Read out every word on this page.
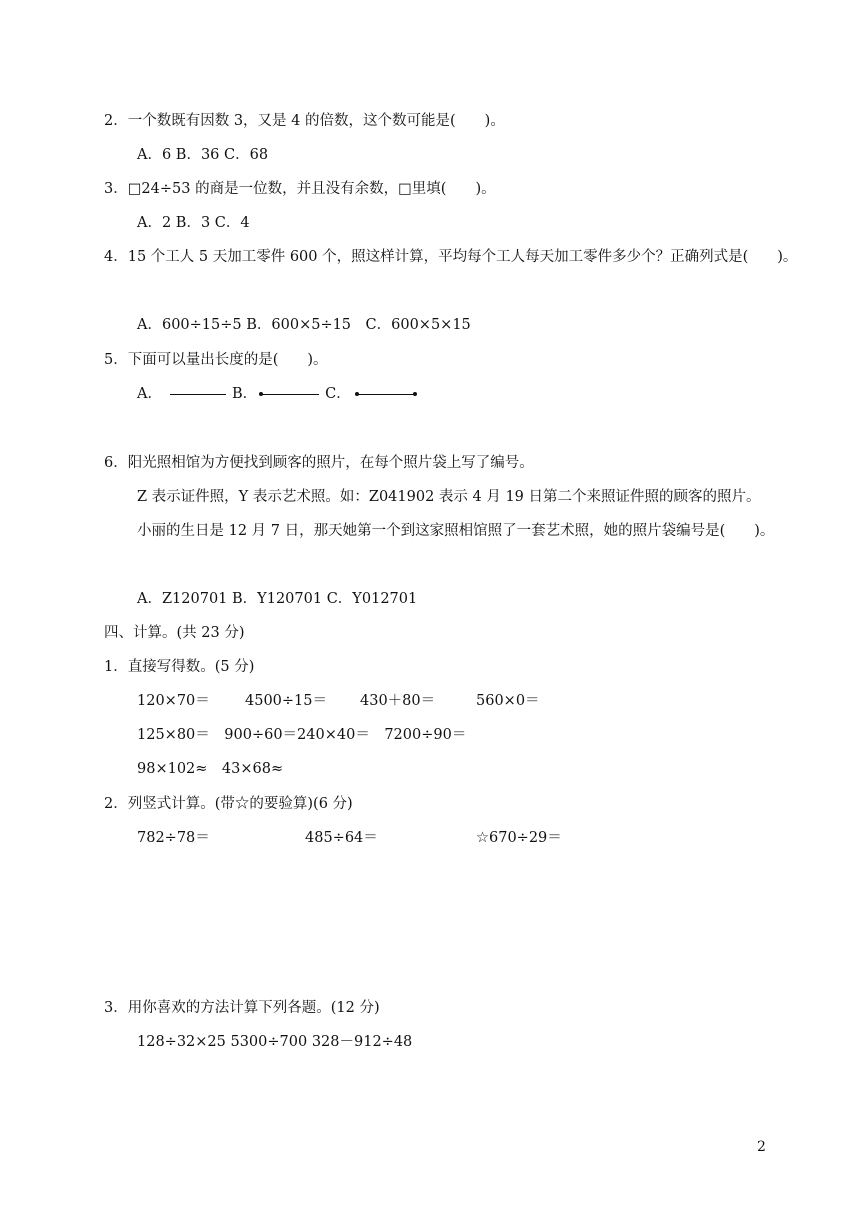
2．一个数既有因数 3，又是 4 的倍数，这个数可能是(　　)。
A．6 B．36 C．68
3．□24÷53 的商是一位数，并且没有余数，□里填(　　)。
A．2 B．3 C．4
4．15 个工人 5 天加工零件 600 个，照这样计算，平均每个工人每天加工零件多少个？正确列式是(　　)。
A．600÷15÷5 B．600×5÷15　C．600×5×15
5．下面可以量出长度的是(　　)。
A．	B．	C．
6．阳光照相馆为方便找到顾客的照片，在每个照片袋上写了编号。
Z 表示证件照，Y 表示艺术照。如：Z041902 表示 4 月 19 日第二个来照证件照的顾客的照片。
小丽的生日是 12 月 7 日，那天她第一个到这家照相馆照了一套艺术照，她的照片袋编号是(　　)。
A．Z120701 B．Y120701 C．Y012701
四、计算。(共 23 分)
1．直接写得数。(5 分)
120×70＝ 4500÷15＝ 430＋80＝	560×0＝
125×80＝　900÷60＝240×40＝　7200÷90＝
98×102≈　43×68≈
2．列竖式计算。(带☆的要验算)(6 分)
782÷78＝	485÷64＝	☆670÷29＝
3．用你喜欢的方法计算下列各题。(12 分)
128÷32×25 5300÷700 328－912÷48
2
